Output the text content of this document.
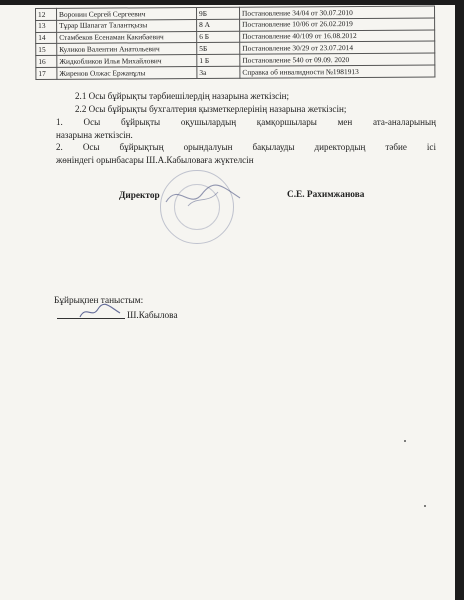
12	Воронин Сергей Сергеевич	9Б	Постановление 34/04 от 30.07.2010
13	Тұрар Шапагат Талантқызы	8 А	Постановление 10/06 от 26.02.2019
14	Стамбеков Есенаман Какибаевич	6 Б	Постановление 40/109 от 16.08.2012
15	Куликов Валентин Анатольевич	5Б	Постановление 30/29 от 23.07.2014
16	Жидкобликов Илья Михайлович	1 Б	Постановление 540 от 09.09. 2020
17	Жиренов Олжас Ержанұлы	3а	Справка об инвалидности №1981913
2.1 Осы бұйрықты тәрбиешілердің назарына жеткізсін;
2.2 Осы бұйрықты бухгалтерия қызметкерлерінің назарына жеткізсін;
1. Осы бұйрықты оқушылардың қамқоршылары мен ата-аналарының
назарына жеткізсін.
2. Осы бұйрықтың орындалуын бақылауды директордың тәбие ісі
жөніндегі орынбасары Ш.А.Кабыловаға жүктелсін
Директор	С.Е. Рахимжанова
Бұйрықпен таныстым:
Ш.Кабылова
